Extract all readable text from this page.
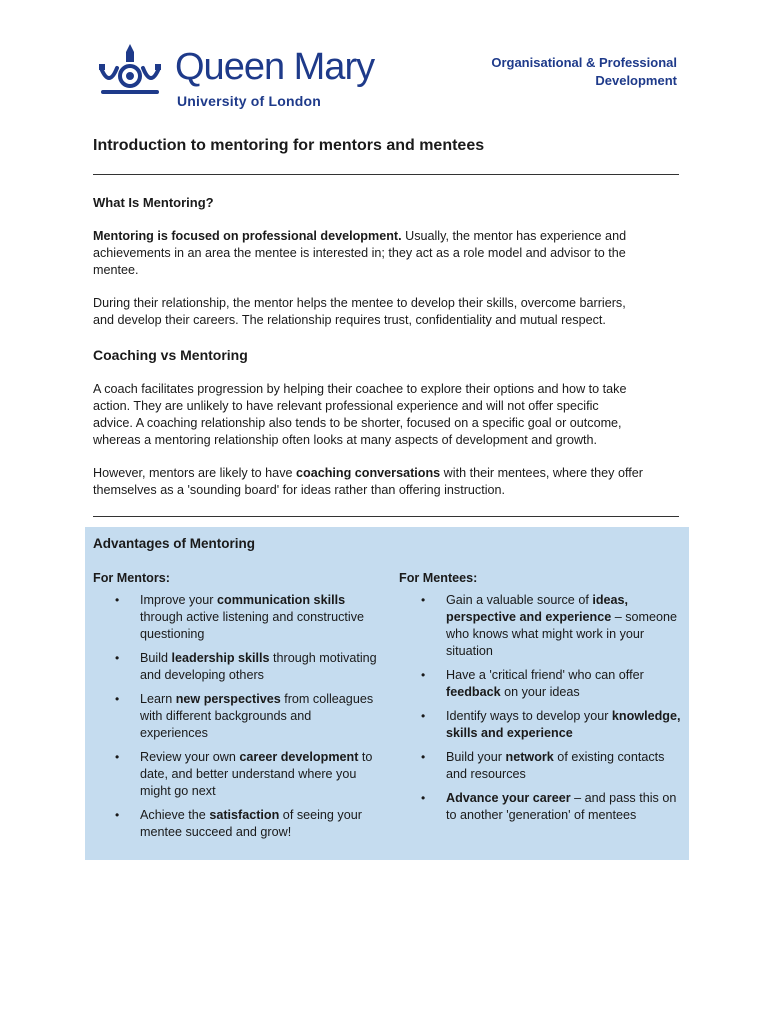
Queen Mary
University of London
Organisational & Professional
Development
Introduction to mentoring for mentors and mentees
What Is Mentoring?
Mentoring is focused on professional development. Usually, the mentor has experience and
achievements in an area the mentee is interested in; they act as a role model and advisor to the
mentee.
During their relationship, the mentor helps the mentee to develop their skills, overcome barriers,
and develop their careers. The relationship requires trust, confidentiality and mutual respect.
Coaching vs Mentoring
A coach facilitates progression by helping their coachee to explore their options and how to take
action. They are unlikely to have relevant professional experience and will not offer specific
advice. A coaching relationship also tends to be shorter, focused on a specific goal or outcome,
whereas a mentoring relationship often looks at many aspects of development and growth.
However, mentors are likely to have coaching conversations with their mentees, where they offer
themselves as a 'sounding board' for ideas rather than offering instruction.
Advantages of Mentoring
For Mentors:
• Improve your communication skills through active listening and constructive questioning
• Build leadership skills through motivating and developing others
• Learn new perspectives from colleagues with different backgrounds and experiences
• Review your own career development to date, and better understand where you might go next
• Achieve the satisfaction of seeing your mentee succeed and grow!
For Mentees:
• Gain a valuable source of ideas, perspective and experience – someone who knows what might work in your situation
• Have a 'critical friend' who can offer feedback on your ideas
• Identify ways to develop your knowledge, skills and experience
• Build your network of existing contacts and resources
• Advance your career – and pass this on to another 'generation' of mentees
